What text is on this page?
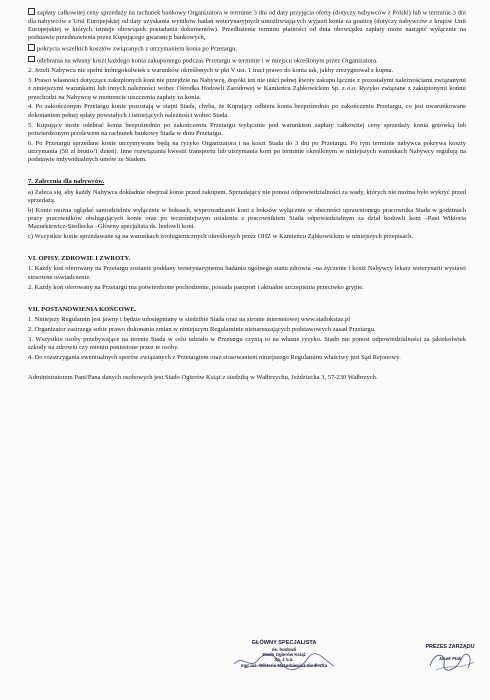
zapłaty całkowitej ceny sprzedaży na rachunek bankowy Organizatora w terminie 3 dni od daty przyjęcia oferty (dotyczy nabywców z Polski) lub w terminie 3 dni dla nabywców z Unii Europejskiej od daty uzyskania wyników badań weterynaryjnych umożliwiających wyjazd konia za granicę (dotyczy nabywców z krajów Unii Europejskiej w których istnieje obowiązek posiadania dokumentów). Przedłużenie terminu płatności od dnia obowiązku zapłaty może nastąpić wyłącznie na podstawie przedstawienia przez Kupującego gwarancji bankowych,

pokrycia wszelkich kosztów związanych z utrzymaniem konia po Przetargu,

odebrania na własny koszt każdego konia zakupionego podczas Przetargu w terminie i w miejscu określonym przez Organizatora.

2. Jeżeli Nabywca nie spełni któregokolwiek z warunków określonych w pkt V ust. 1 traci prawo do konia tak, jakby zrezygnował z kupna.

3. Prawo własności dotyczące zakupionych koni nie przejdzie na Nabywcę, dopóki ten nie uiści pełnej kwoty zakupu łącznie z pozostałymi należnościami związanymi z niniejszymi warunkami lub innych należności wobec Ośrodka Hodowli Zarodowej w Kamieńcu Ząbkowickim Sp. z o.o. Ryzyko związane z zakupionymi końmi przechodzi na Nabywcę w momencie uiszczenia zapłaty za konia.

4. Po zakończonym Przetargu konie pozostają w stajni Stada, chyba, że Kupujący odbiera konia bezpośrednio po zakończeniu Przetargu, co jest uwarunkowane dokonaniem pełnej spłaty powstałych i istniejących należności wobec Stada.

5. Kupujący może odebrać konia bezpośrednio po zakończeniu Przetargu wyłącznie pod warunkiem zapłaty całkowitej ceny sprzedaży konia gotówką lub potwierdzonym przelewem na rachunek bankowy Stada w dniu Przetargu.

6. Po Przetargu sprzedane konie utrzymywane będą na ryzyko Organizatora i na koszt Stada do 3 dni po Przetargu. Po tym terminie nabywca pokrywa koszty utrzymania (50 zł brutto/1 dzień). Inne rozwiązania kwestii transportu lub utrzymania koni po terminie określonym w niniejszych warunkach Nabywcy regulują na podstawie indywidualnych umów ze Stadem.

7. Zalecenia dla nabywców.

a) Zaleca się, aby każdy Nabywca dokładnie obejrzał konie przed zakupem. Sprzedający nie ponosi odpowiedzialności za wady, których nie można było wykryć przed sprzedażą.

b) Konie można oglądać samodzielnie wyłącznie w boksach, wyprowadzanie koni z boksów wyłącznie w obecności uprawnionego pracownika Stada w godzinach pracy pracowników obsługujących konie oraz po wcześniejszym ustaleniu z pracownikiem Stada odpowiedzialnym za dział hodowli koni –Pani Wiktoria Mazurkiewicz-Siedlecka –Główny specjalista ds. hodowli koni.

c) Wszystkie konie sprzedawane są na warunkach zoohigienicznych określonych przez OHZ w Kamieńcu Ząbkowickim w niniejszych przepisach.

VI. OPISY, ZDROWIE I ZWROTY.

1. Każdy koń oferowany na Przetargu zostanie poddany weterynaryjnemu badaniu ogólnego stanu zdrowia –na życzenie i koszt Nabywcy lekarz weterynarii wystawi stosowne oświadczenie.

2. Każdy koń oferowany na Przetargu ma potwierdzone pochodzenie, posiada paszport i aktualne szczepienia przeciwko grypie.

VII. POSTANOWIENIA KOŃCOWE.

1. Niniejszy Regulamin jest jawny i będzie udostępniany w siedzibie Stada oraz na stronie internetowej www.stadoksiaz.pl

2. Organizator zastrzega sobie prawo dokonania zmian w niniejszym Regulaminie nienaruszających podstawowych zasad Przetargu.

3. Wszystkie osoby przebywające na terenie Stada w celu udziału w Przetargu czynią to na własne ryzyko. Stado nie ponosi odpowiedzialności za jakiekolwiek szkody na zdrowiu czy mieniu poniesione przez te osoby.

4. Do rozstrzygania ewentualnych sporów związanych z Przetargiem oraz stosowaniem niniejszego Regulaminu właściwy jest Sąd Rejonowy.

Administratorem Pani/Pana danych osobowych jest Stado Ogierów Książ z siedzibą w Wałbrzychu, Jeździecka 3, 57-230 Wałbrzych.

GŁÓWNY SPECJALISTA
ds. hodowli
Stado Ogierów Książ
Sp. z o.o.
mgr inż. Wiktoria Mazurkiewicz-Siedlecka
PREZES ZARZĄDU
Jacek Ptak
